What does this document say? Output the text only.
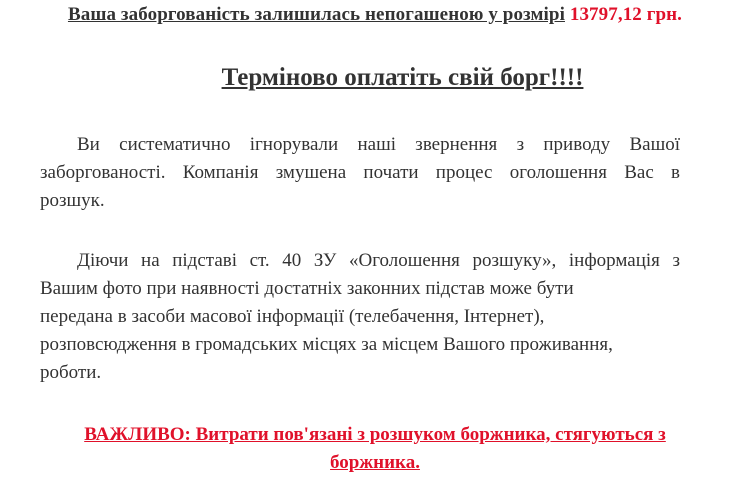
Ваша заборгованість залишилась непогашеною у розмірі 13797,12 грн.
Терміново оплатіть свій борг!!!!
Ви систематично ігнорували наші звернення з приводу Вашої
заборгованості. Компанія змушена почати процес оголошення Вас в
розшук.
Діючи на підставі ст. 40 ЗУ «Оголошення розшуку», інформація з
Вашим фото при наявності достатніх законних підстав може бути
передана в засоби масової інформації (телебачення, Інтернет),
розповсюдження в громадських місцях за місцем Вашого проживання,
роботи.
ВАЖЛИВО: Витрати пов'язані з розшуком боржника, стягуються з
боржника.
